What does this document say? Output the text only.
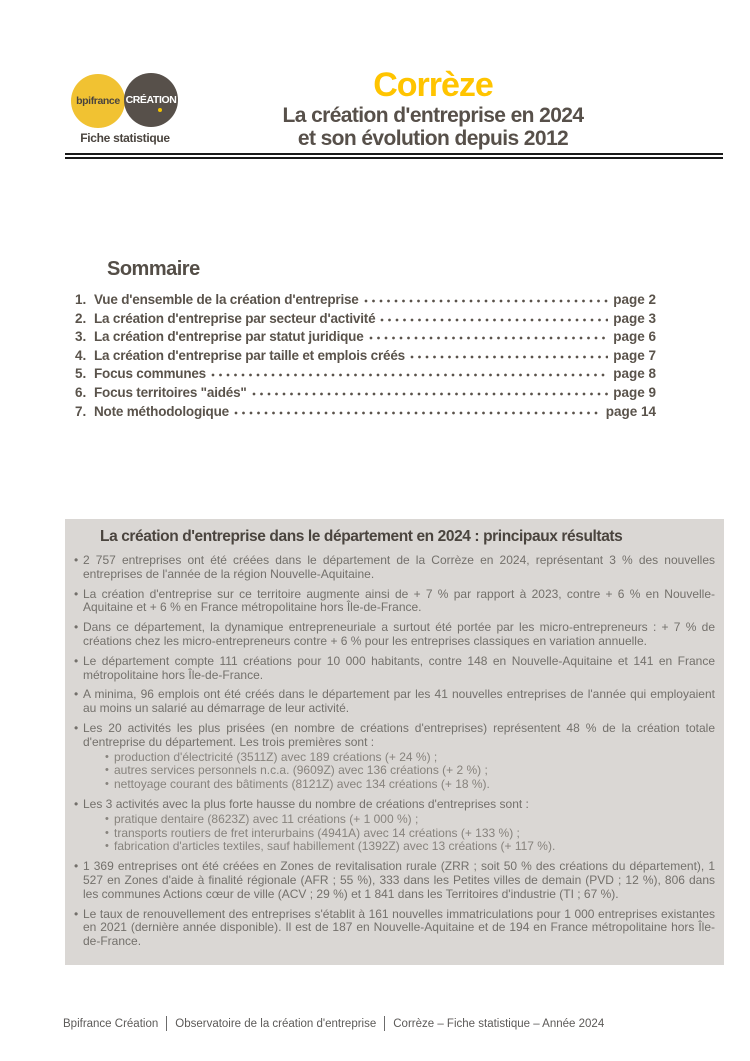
bpifrance CRÉATION
Fiche statistique
Corrèze
La création d'entreprise en 2024
et son évolution depuis 2012
Sommaire
1. Vue d'ensemble de la création d'entreprise	page 2
2. La création d'entreprise par secteur d'activité	page 3
3. La création d'entreprise par statut juridique	page 6
4. La création d'entreprise par taille et emplois créés	page 7
5. Focus communes	page 8
6. Focus territoires "aidés"	page 9
7. Note méthodologique	page 14
La création d'entreprise dans le département en 2024 : principaux résultats
• 2 757 entreprises ont été créées dans le département de la Corrèze en 2024, représentant 3 % des nouvelles entreprises de l'année de la région Nouvelle-Aquitaine.
• La création d'entreprise sur ce territoire augmente ainsi de + 7 % par rapport à 2023, contre + 6 % en Nouvelle-Aquitaine et + 6 % en France métropolitaine hors Île-de-France.
• Dans ce département, la dynamique entrepreneuriale a surtout été portée par les micro-entrepreneurs : + 7 % de créations chez les micro-entrepreneurs contre + 6 % pour les entreprises classiques en variation annuelle.
• Le département compte 111 créations pour 10 000 habitants, contre 148 en Nouvelle-Aquitaine et 141 en France métropolitaine hors Île-de-France.
• A minima, 96 emplois ont été créés dans le département par les 41 nouvelles entreprises de l'année qui employaient au moins un salarié au démarrage de leur activité.
• Les 20 activités les plus prisées (en nombre de créations d'entreprises) représentent 48 % de la création totale d'entreprise du département. Les trois premières sont :
• production d'électricité (3511Z) avec 189 créations (+ 24 %) ;
• autres services personnels n.c.a. (9609Z) avec 136 créations (+ 2 %) ;
• nettoyage courant des bâtiments (8121Z) avec 134 créations (+ 18 %).
• Les 3 activités avec la plus forte hausse du nombre de créations d'entreprises sont :
• pratique dentaire (8623Z) avec 11 créations (+ 1 000 %) ;
• transports routiers de fret interurbains (4941A) avec 14 créations (+ 133 %) ;
• fabrication d'articles textiles, sauf habillement (1392Z) avec 13 créations (+ 117 %).
• 1 369 entreprises ont été créées en Zones de revitalisation rurale (ZRR ; soit 50 % des créations du département), 1 527 en Zones d'aide à finalité régionale (AFR ; 55 %), 333 dans les Petites villes de demain (PVD ; 12 %), 806 dans les communes Actions cœur de ville (ACV ; 29 %) et 1 841 dans les Territoires d'industrie (TI ; 67 %).
• Le taux de renouvellement des entreprises s'établit à 161 nouvelles immatriculations pour 1 000 entreprises existantes en 2021 (dernière année disponible). Il est de 187 en Nouvelle-Aquitaine et de 194 en France métropolitaine hors Île-de-France.
Bpifrance Création Observatoire de la création d'entreprise Corrèze – Fiche statistique – Année 2024
